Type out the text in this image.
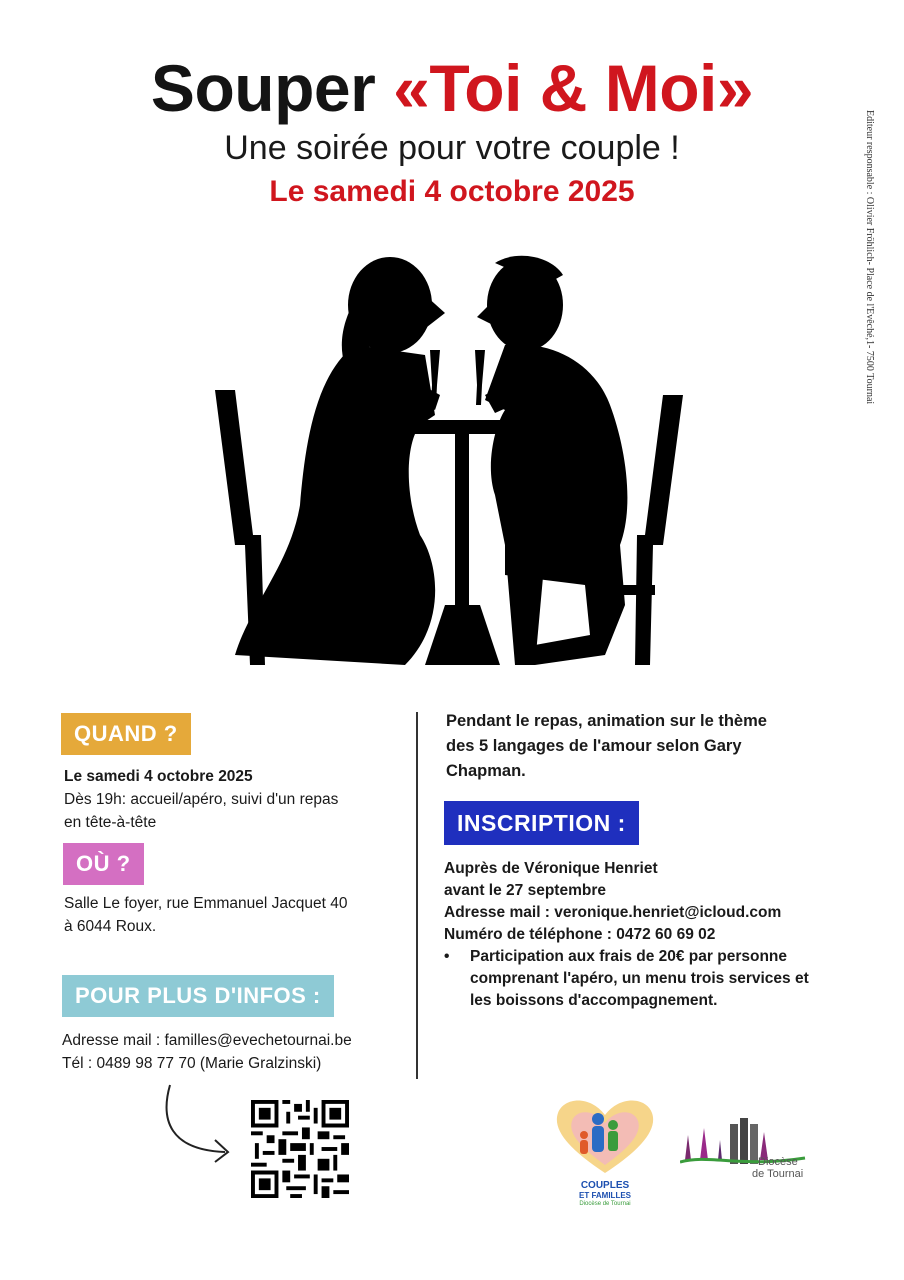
Souper «Toi & Moi»
Une soirée pour votre couple !
Le samedi 4 octobre 2025	Editeur responsable : Olivier Fröhlich- Place de l'Evêché,1- 7500 Tournai
QUAND ?
Le samedi 4 octobre 2025
Dès 19h: accueil/apéro, suivi d'un repas
en tête-à-tête
OÙ ?
Salle Le foyer, rue Emmanuel Jacquet 40
à 6044 Roux.
POUR PLUS D'INFOS :
Adresse mail : familles@evechetournai.be
Tél : 0489 98 77 70 (Marie Gralzinski)
Pendant le repas, animation sur le thème
des 5 langages de l'amour selon Gary
Chapman.
INSCRIPTION :
Auprès de Véronique Henriet
avant le 27 septembre
Adresse mail : veronique.henriet@icloud.com
Numéro de téléphone : 0472 60 69 02
•	Participation aux frais de 20€ par personne
comprenant l'apéro, un menu trois services et
les boissons d'accompagnement.
COUPLES
ET FAMILLES
Diocèse de Tournai
Diocèse
de Tournai
